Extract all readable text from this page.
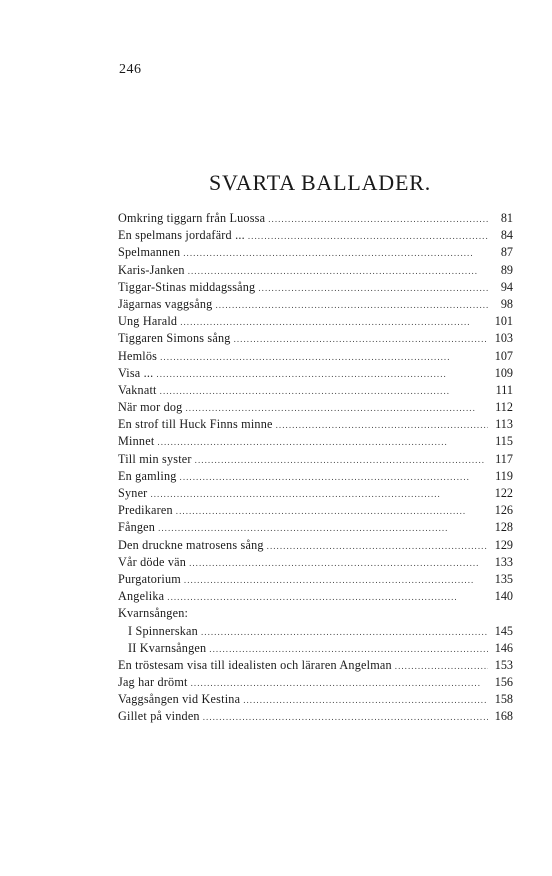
246
SVARTA BALLADER.
Omkring tiggarn från Luossa . . .	81
En spelmans jordafärd ... . . .	84
Spelmannen . . .	87
Karis-Janken . . .	89
Tiggar-Stinas middagssång . . .	94
Jägarnas vaggsång . . .	98
Ung Harald . . .	101
Tiggaren Simons sång . . .	103
Hemlös . . .	107
Visa ... . . .	109
Vaknatt . . .	111
När mor dog . . .	112
En strof till Huck Finns minne . . .	113
Minnet . . .	115
Till min syster . . .	117
En gamling . . .	119
Syner . . .	122
Predikaren . . .	126
Fången . . .	128
Den druckne matrosens sång . . .	129
Vår döde vän . . .	133
Purgatorium . . .	135
Angelika . . .	140
Kvarnsången:
I Spinnerskan . . .	145
II Kvarnsången . . .	146
En tröstesam visa till idealisten och läraren Angelman . . .	153
Jag har drömt . . .	156
Vaggsången vid Kestina . . .	158
Gillet på vinden . . .	168
